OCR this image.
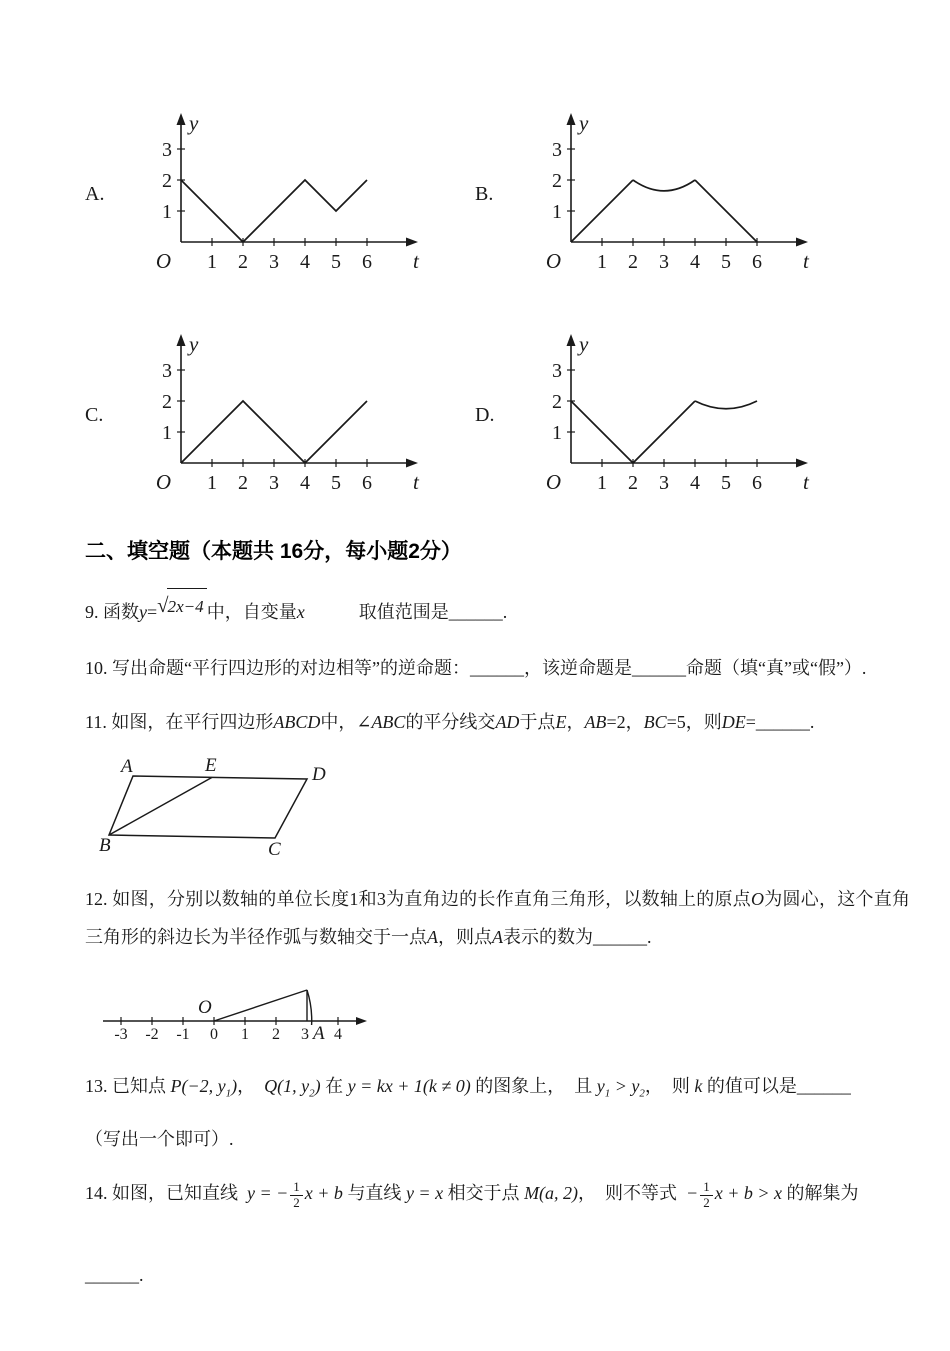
A.
1 2 3 4 5 6
1
2
3
O
y
t
B.
1 2 3 4 5 6
1
2
3
O
y
t
C.
1 2 3 4 5 6
1
2
3
O
y
t
D.
1 2 3 4 5 6
1
2
3
O
y
t
二、填空题（本题共 16分，每小题2分）

9. 函数y=√2x−4 中，自变量x　　　取值范围是______.

10. 写出命题“平行四边形的对边相等”的逆命题：______，该逆命题是______命题（填“真”或“假”）.

11. 如图，在平行四边形ABCD中，∠ABC的平分线交AD于点E，AB=2，BC=5，则DE=______.

A	E	D
B	C

12. 如图，分别以数轴的单位长度1和3为直角边的长作直角三角形，以数轴上的原点O为圆心，这个直角三角形的斜边长为半径作弧与数轴交于一点A，则点A表示的数为______.

-3 -2 -1 0 1 2 3 4
O
A

13. 已知点 P(−2, $y_1$)， Q(1, $y_2$) 在 y = kx + 1(k ≠ 0) 的图象上， 且 $y_1 > y_2$， 则 k 的值可以是______

（写出一个即可）.

14. 如图，已知直线 y = − $\frac{1}{2}$ x + b 与直线 y = x 相交于点 M(a, 2)， 则不等式 − $\frac{1}{2}$ x + b > x 的解集为

______.
